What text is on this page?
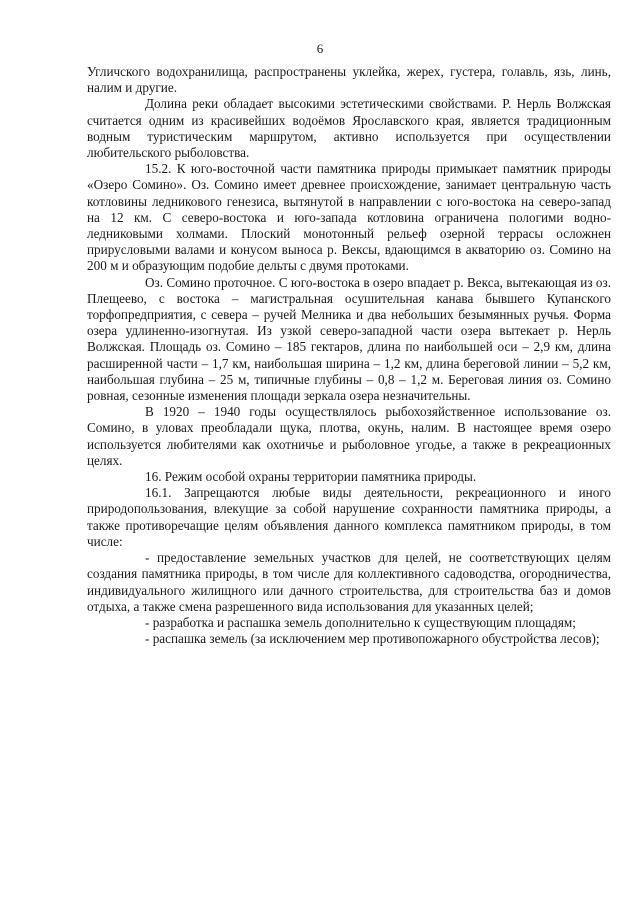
6

Угличского водохранилища, распространены уклейка, жерех, густера, голавль, язь, линь, налим и другие.

Долина реки обладает высокими эстетическими свойствами. Р. Нерль Волжская считается одним из красивейших водоёмов Ярославского края, является традиционным водным туристическим маршрутом, активно используется при осуществлении любительского рыболовства.

15.2. К юго-восточной части памятника природы примыкает памятник природы «Озеро Сомино». Оз. Сомино имеет древнее происхождение, занимает центральную часть котловины ледникового генезиса, вытянутой в направлении с юго-востока на северо-запад на 12 км. С северо-востока и юго-запада котловина ограничена пологими водно-ледниковыми холмами. Плоский монотонный рельеф озерной террасы осложнен прирусловыми валами и конусом выноса р. Вексы, вдающимся в акваторию оз. Сомино на 200 м и образующим подобие дельты с двумя протоками.

Оз. Сомино проточное. С юго-востока в озеро впадает р. Векса, вытекающая из оз. Плещеево, с востока – магистральная осушительная канава бывшего Купанского торфопредприятия, с севера – ручей Мелника и два небольших безымянных ручья. Форма озера удлиненно-изогнутая. Из узкой северо-западной части озера вытекает р. Нерль Волжская. Площадь оз. Сомино – 185 гектаров, длина по наибольшей оси – 2,9 км, длина расширенной части – 1,7 км, наибольшая ширина – 1,2 км, длина береговой линии – 5,2 км, наибольшая глубина – 25 м, типичные глубины – 0,8 – 1,2 м. Береговая линия оз. Сомино ровная, сезонные изменения площади зеркала озера незначительны.

В 1920 – 1940 годы осуществлялось рыбохозяйственное использование оз. Сомино, в уловах преобладали щука, плотва, окунь, налим. В настоящее время озеро используется любителями как охотничье и рыболовное угодье, а также в рекреационных целях.

16. Режим особой охраны территории памятника природы.

16.1. Запрещаются любые виды деятельности, рекреационного и иного природопользования, влекущие за собой нарушение сохранности памятника природы, а также противоречащие целям объявления данного комплекса памятником природы, в том числе:

- предоставление земельных участков для целей, не соответствующих целям создания памятника природы, в том числе для коллективного садоводства, огородничества, индивидуального жилищного или дачного строительства, для строительства баз и домов отдыха, а также смена разрешенного вида использования для указанных целей;

- разработка и распашка земель дополнительно к существующим площадям;

- распашка земель (за исключением мер противопожарного обустройства лесов);
